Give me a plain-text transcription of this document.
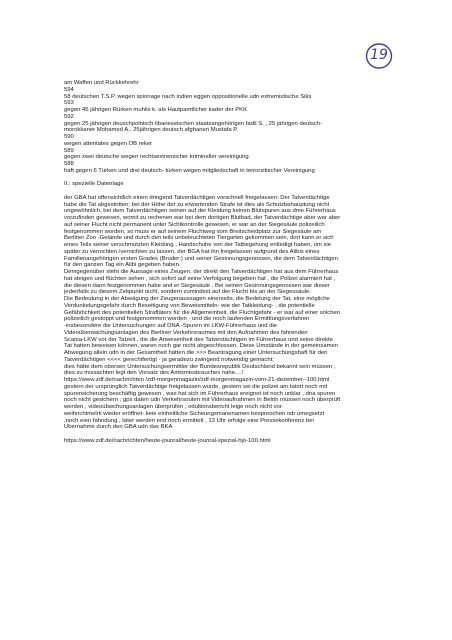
19
am Waffen und Rückkehrehr
594
58 deutschen T.S.P. wegen spionage nach indien eggen oppositionelle udn extremistische Siks
593
gegen 45 jährigen Rürken muhlis k. als Hautpamtlicher kader der PKK
592
gegen 25 jährigen deuschpolnisch libaneseischen staatsangehörigen fadil S. , 25 jährigen deutsch-
morokkaner Mohamed A., 25jährigen deutsch afghanen Mustafa P.
590
wegen attentates gegen OB reker
589
gegen zwei deutsche wegen rechtsextrensicher krimineller vereinigung
588
haft gegen 6 Türken und drei deutsch- türken wegen mitgliedschaft in terrorsitischer Vereinigung
II.: spezielle Datenlage
der GBA hat offensichtlich einen dringend Tatverdächtigen vorschnell freigelassen: Der Tatverdächtige
habe die Tat abgestritten; bei der Höhe der zu erwartenden Strafe ist dies als Schutzbehauptung nicht
ungewöhnlich, bei dem Tatverdächtigen seinen auf der Kleidung keinen Blutspuren aus dme Führerhaus
vorzufinden gewesen, womit zu rechenen war bei dem dortigen Blutbad, der Tatverdächtige aber war aber
auf seiner Flucht nicht permanent unter Sichtkontrolle gewesen, er war an der Siegesäule polizeilich
festgenommen worden, so muss er auf seinem Fluchtweg vom Breitscheidplatz zur Siegesäule am
Berliner Zoo -Gelände und durch den teils unbeleuchteten Tiergarten gekommen sein, dort kann er sich
eines Teils seiner verschmutzten Kleidung , Handschuhe von der Tatbegehung entledigt haben, um sie
später zu vernichten /vernichten zu lassen, der BGA hat ihn freigelassen aufgrund des Alibis eines
Familienangehörigen ersten Grades (Bruder:) und seiner Gesinnungsgenossen, die dem Tatverdächtigen
für den ganzen Tag ein Alibi gegeben haben.
Demgegenüber steht die Aussage eines Zeugen, der direkt den Tatverdächtigen hat aus dem Führerhaus
hat steigen und flüchten sehen , sich sofort auf seine Verfolgung begeben hat , die Polizei alarmiert hat ,
die diesen dann festgenommen habe and er Siegesäule . Bei seinen Gesinnungsgenossen war dieser
jedenfalls zu diesem Zeitpunkt nicht, sondern zumindest auf der Flucht bis an der Siegessäule.
Die Bedeutung in der Abwägung der Zeugenaussagen einerseits, die Bedetung der Tat, eine mögliche
Verdunkelungsgefahr durch Beseitigung von Beweismitteln- wie der Tatkleidung- , die potentielle
Gefährlichkeit des potentiellen Straftäters für die Allgemeinheit, die Fluchtgefahr - er war auf einer solchen
polizeilich gestoppt und festgenommen worden - und die noch laufenden Ermittlungsverfahren
-insbesondere die Untersuchungen auf DNA -Spuren im LKW-Führerhaus und die
Videoüberwachungsanlagen des Berliner Verkehrsraumes mit den Aufnahmen des fahrenden
Scania-LKW vor der Tatzeit , die die Anwesenheit des Tatverdächtigen im Führerhaus und seine direkte
Tat hatten beweisen können, waren noch gar nicht abgeschlossen. Diese Umstände in der gemeinsamen
Abwegung allein udn in der Gesamtheit hätten die >>> Beantragung einer Untersuchungshaft für den
Tatverdächtigen <<<< gerechtfertigt - ja geradezu zwingend notwendig gemacht;
dies hätte dem obersen Untersuchungsermittler der Bundesrepublik Deutschland bekannt sein müssen ,
dies zu missachten legt den Vorsatz des Amtsmissbrauches nahe....!
https://www.zdf.de/nachrichten /zdf-morgenmagazin/zdf-morgenmagazin-vom-21-dezember--100.html
gestern der ursprünglich Tatverdächtige freigelassen wurde, gestern sei die polizei am tatort noch mit
spurensicherung beschäftig gewesen , was hat sich im Führerhaus ereignet ist noch unklar , dna spuren
noch nicht gesichern ; gps daten udn Verkehrsouten mit Videoaufnahmen in Belrin müssen noch überprüft
werden , videoübwchungsanlagen überprüfen , odultionsbericht leige noch nicht vor
weihnchtmelrk wieder eröffnet- keie einheitliche Sicheungsmanenamen bespreochen odr umegsetzt
,noch eien fahndung , täter werden erst noch ermittelt , 13 Uhr erfolge eine Pressekonferenz bei
Übernahme durch den GBA udn das BKA
https://www.zdf.de/nachrichten/heute-jounral/heute-jounral-spezial-hjo-100.html
